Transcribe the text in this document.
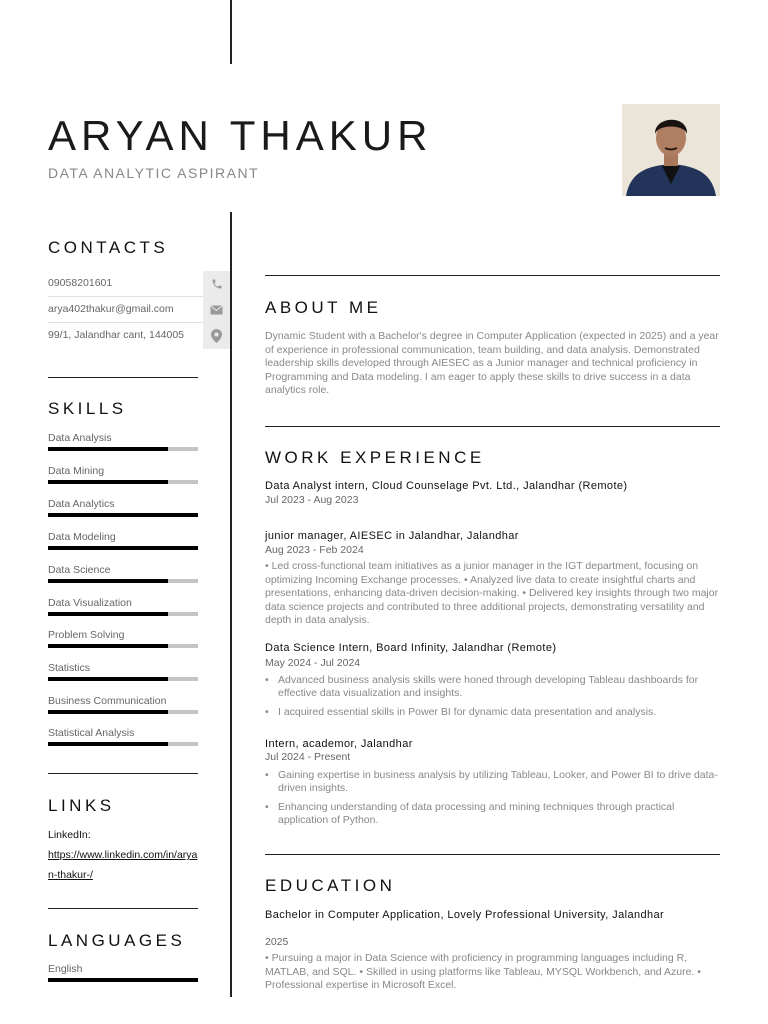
ARYAN THAKUR
DATA ANALYTIC ASPIRANT
CONTACTS
09058201601
arya402thakur@gmail.com
99/1, Jalandhar cant, 144005
SKILLS
Data Analysis
Data Mining
Data Analytics
Data Modeling
Data Science
Data Visualization
Problem Solving
Statistics
Business Communication
Statistical Analysis
LINKS
LinkedIn:
https://www.linkedin.com/in/aryan-thakur-/
LANGUAGES
English
ABOUT ME
Dynamic Student with a Bachelor's degree in Computer Application (expected in 2025) and a year of experience in professional communication, team building, and data analysis. Demonstrated leadership skills developed through AIESEC as a Junior manager and technical proficiency in Programming and Data modeling. I am eager to apply these skills to drive success in a data analytics role.
WORK EXPERIENCE
Data Analyst intern, Cloud Counselage Pvt. Ltd., Jalandhar (Remote)
Jul 2023 - Aug 2023
junior manager, AIESEC in Jalandhar, Jalandhar
Aug 2023 - Feb 2024
• Led cross-functional team initiatives as a junior manager in the IGT department, focusing on optimizing Incoming Exchange processes. • Analyzed live data to create insightful charts and presentations, enhancing data-driven decision-making. • Delivered key insights through two major data science projects and contributed to three additional projects, demonstrating versatility and depth in data analysis.
Data Science Intern, Board Infinity, Jalandhar (Remote)
May 2024 - Jul 2024
• Advanced business analysis skills were honed through developing Tableau dashboards for effective data visualization and insights.
• I acquired essential skills in Power BI for dynamic data presentation and analysis.
Intern, academor, Jalandhar
Jul 2024 - Present
• Gaining expertise in business analysis by utilizing Tableau, Looker, and Power BI to drive data-driven insights.
• Enhancing understanding of data processing and mining techniques through practical application of Python.
EDUCATION
Bachelor in Computer Application, Lovely Professional University, Jalandhar
2025
• Pursuing a major in Data Science with proficiency in programming languages including R, MATLAB, and SQL. • Skilled in using platforms like Tableau, MYSQL Workbench, and Azure. • Professional expertise in Microsoft Excel.
